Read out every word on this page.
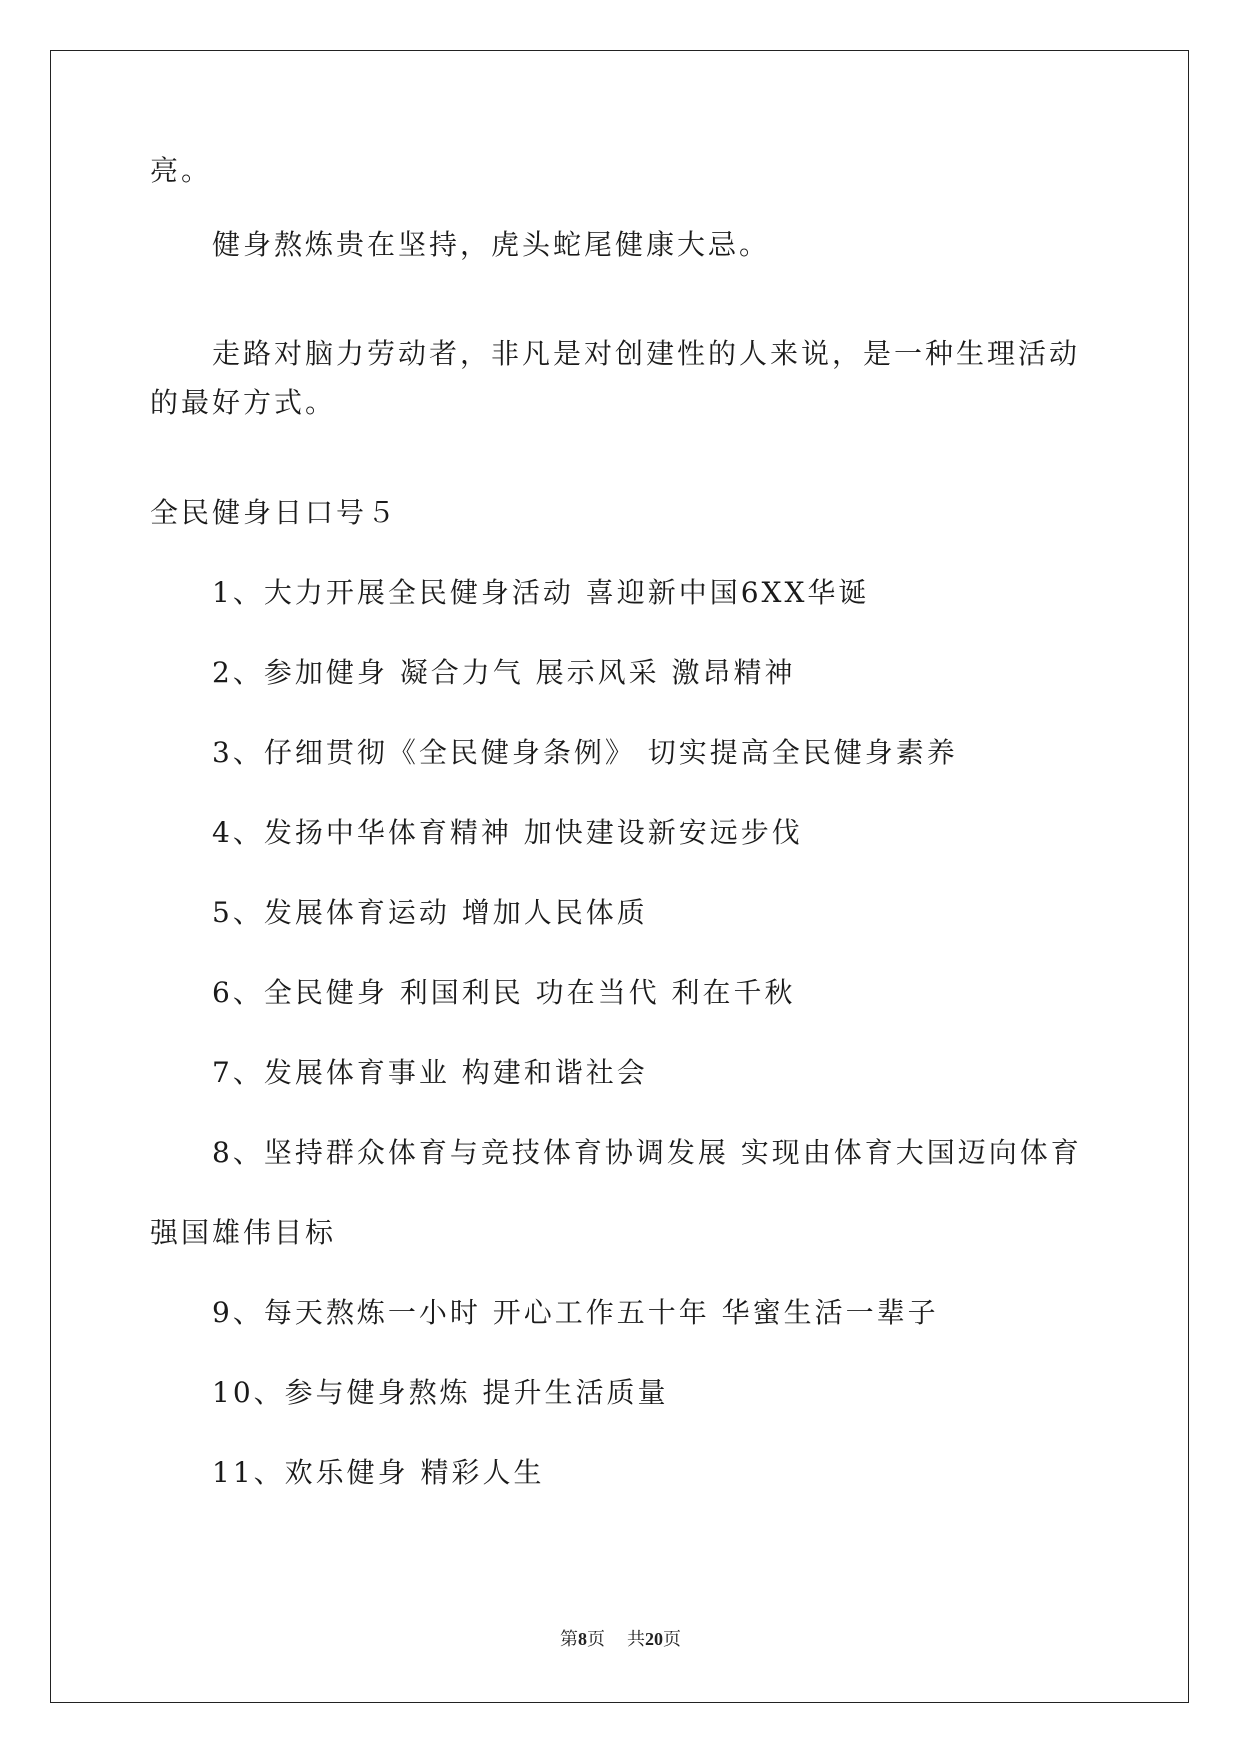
亮。
健身熬炼贵在坚持，虎头蛇尾健康大忌。
走路对脑力劳动者，非凡是对创建性的人来说，是一种生理活动
的最好方式。
全民健身日口号５
1、大力开展全民健身活动 喜迎新中国6XX华诞
2、参加健身 凝合力气 展示风采 激昂精神
3、仔细贯彻《全民健身条例》 切实提高全民健身素养
4、发扬中华体育精神 加快建设新安远步伐
5、发展体育运动 增加人民体质
6、全民健身 利国利民 功在当代 利在千秋
7、发展体育事业 构建和谐社会
8、坚持群众体育与竞技体育协调发展 实现由体育大国迈向体育
强国雄伟目标
9、每天熬炼一小时 开心工作五十年 华蜜生活一辈子
10、参与健身熬炼 提升生活质量
11、欢乐健身 精彩人生
第8页 共20页
